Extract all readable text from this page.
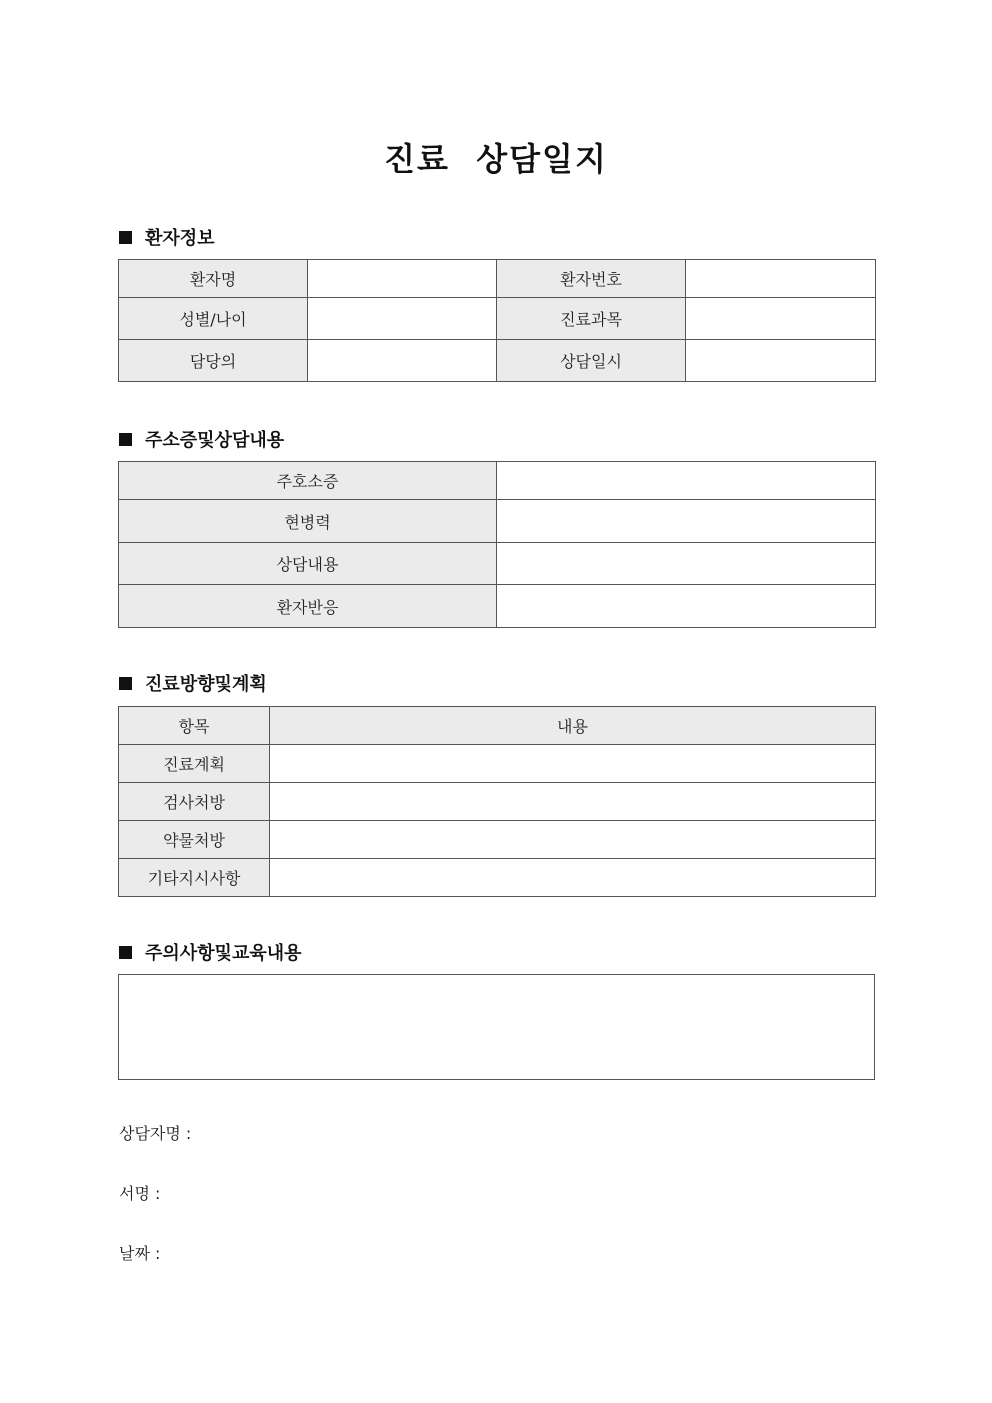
진료  상담일지
환자정보
환자명		환자번호	
성별/나이		진료과목	
담당의		상담일시	
주소증및상담내용
주호소증	
현병력	
상담내용	
환자반응	
진료방향및계획
항목	내용
진료계획	
검사처방	
약물처방	
기타지시사항	
주의사항및교육내용
상담자명 :
서명 :
날짜 :
